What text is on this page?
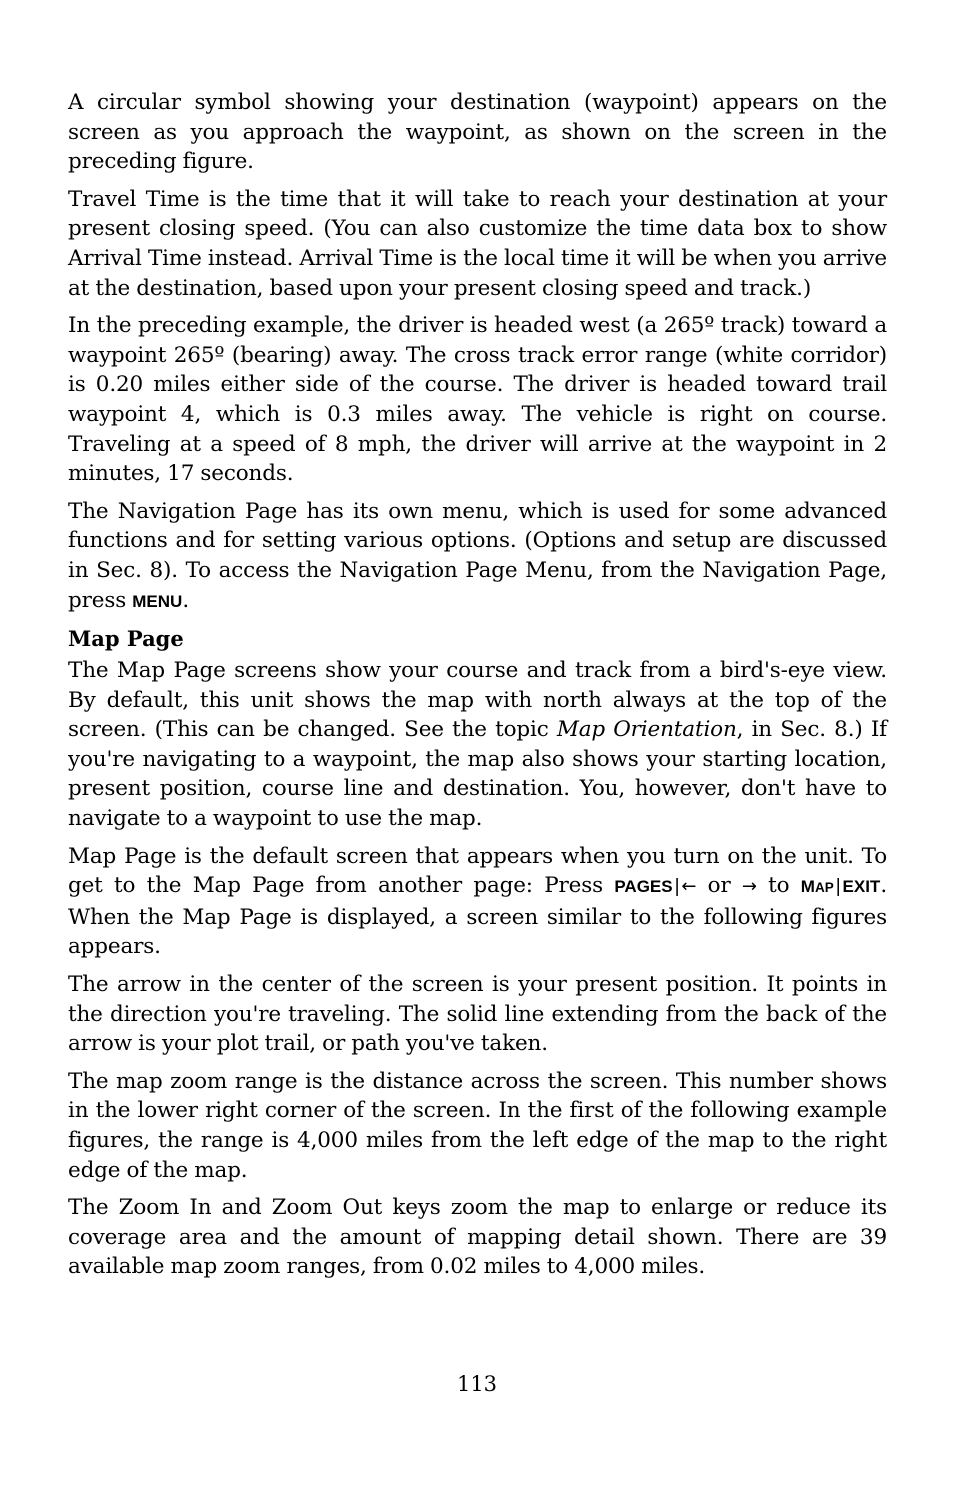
A circular symbol showing your destination (waypoint) appears on the screen as you approach the waypoint, as shown on the screen in the preceding figure.

Travel Time is the time that it will take to reach your destination at your present closing speed. (You can also customize the time data box to show Arrival Time instead. Arrival Time is the local time it will be when you arrive at the destination, based upon your present closing speed and track.)

In the preceding example, the driver is headed west (a 265º track) toward a waypoint 265º (bearing) away. The cross track error range (white corridor) is 0.20 miles either side of the course. The driver is headed toward trail waypoint 4, which is 0.3 miles away. The vehicle is right on course. Traveling at a speed of 8 mph, the driver will arrive at the waypoint in 2 minutes, 17 seconds.

The Navigation Page has its own menu, which is used for some advanced functions and for setting various options. (Options and setup are discussed in Sec. 8). To access the Navigation Page Menu, from the Navigation Page, press MENU.

Map Page

The Map Page screens show your course and track from a bird's-eye view. By default, this unit shows the map with north always at the top of the screen. (This can be changed. See the topic Map Orientation, in Sec. 8.) If you're navigating to a waypoint, the map also shows your starting location, present position, course line and destination. You, however, don't have to navigate to a waypoint to use the map.

Map Page is the default screen that appears when you turn on the unit. To get to the Map Page from another page: Press PAGES | ← or → to MAP | EXIT. When the Map Page is displayed, a screen similar to the following figures appears.

The arrow in the center of the screen is your present position. It points in the direction you're traveling. The solid line extending from the back of the arrow is your plot trail, or path you've taken.

The map zoom range is the distance across the screen. This number shows in the lower right corner of the screen. In the first of the following example figures, the range is 4,000 miles from the left edge of the map to the right edge of the map.

The Zoom In and Zoom Out keys zoom the map to enlarge or reduce its coverage area and the amount of mapping detail shown. There are 39 available map zoom ranges, from 0.02 miles to 4,000 miles.

113
